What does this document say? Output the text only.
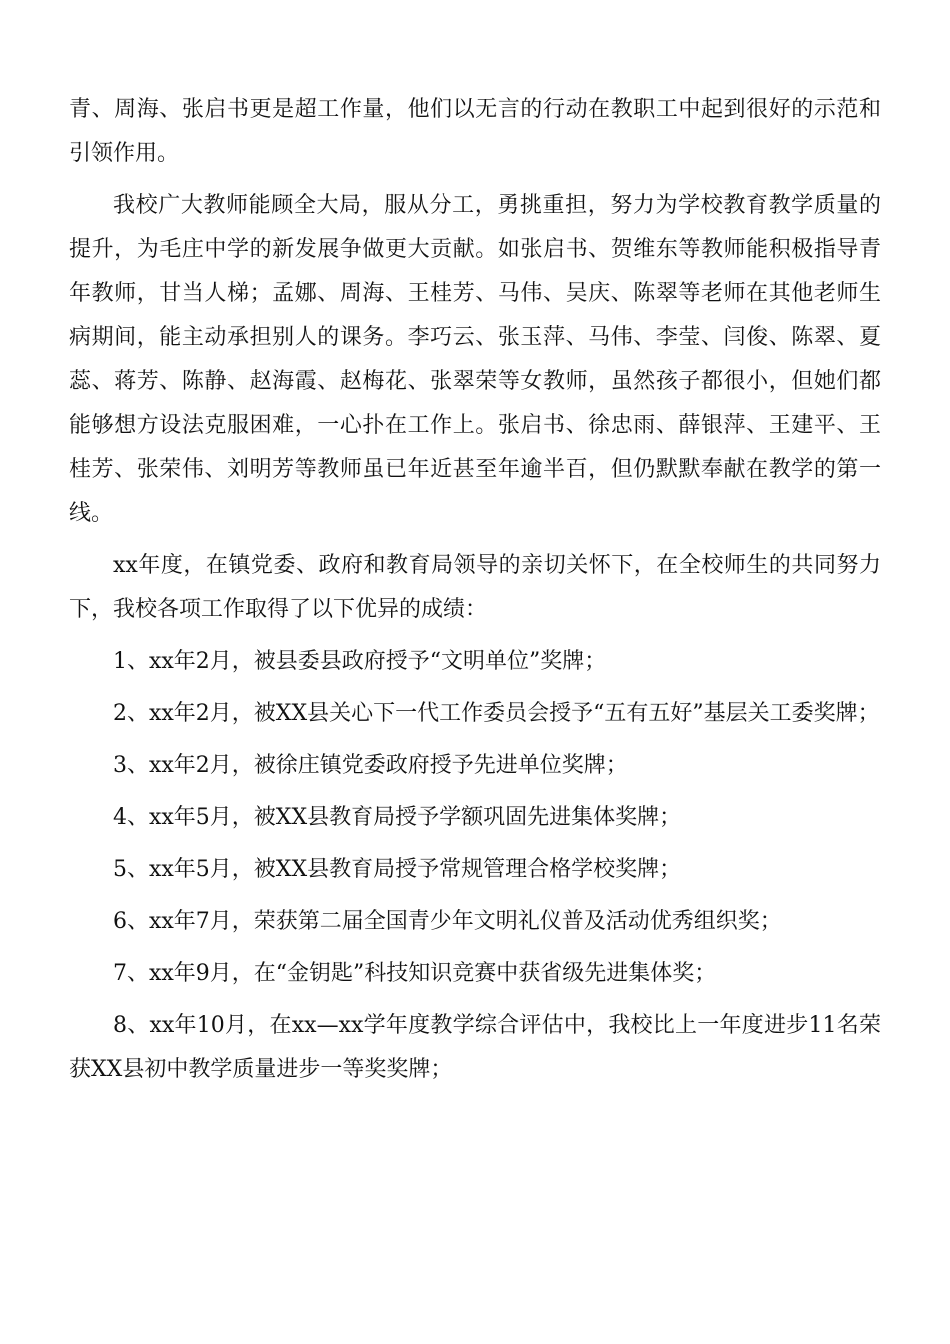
青、周海、张启书更是超工作量，他们以无言的行动在教职工中起到很好的示范和引领作用。

我校广大教师能顾全大局，服从分工，勇挑重担，努力为学校教育教学质量的提升，为毛庄中学的新发展争做更大贡献。如张启书、贺维东等教师能积极指导青年教师，甘当人梯；孟娜、周海、王桂芳、马伟、吴庆、陈翠等老师在其他老师生病期间，能主动承担别人的课务。李巧云、张玉萍、马伟、李莹、闫俊、陈翠、夏蕊、蒋芳、陈静、赵海霞、赵梅花、张翠荣等女教师，虽然孩子都很小，但她们都能够想方设法克服困难，一心扑在工作上。张启书、徐忠雨、薛银萍、王建平、王桂芳、张荣伟、刘明芳等教师虽已年近甚至年逾半百，但仍默默奉献在教学的第一线。

xx年度，在镇党委、政府和教育局领导的亲切关怀下，在全校师生的共同努力下，我校各项工作取得了以下优异的成绩：

1、xx年2月，被县委县政府授予“文明单位”奖牌；

2、xx年2月，被XX县关心下一代工作委员会授予“五有五好”基层关工委奖牌；

3、xx年2月，被徐庄镇党委政府授予先进单位奖牌；

4、xx年5月，被XX县教育局授予学额巩固先进集体奖牌；

5、xx年5月，被XX县教育局授予常规管理合格学校奖牌；

6、xx年7月，荣获第二届全国青少年文明礼仪普及活动优秀组织奖；

7、xx年9月，在“金钥匙”科技知识竞赛中获省级先进集体奖；

8、xx年10月，在xx—xx学年度教学综合评估中，我校比上一年度进步11名荣获XX县初中教学质量进步一等奖奖牌；
